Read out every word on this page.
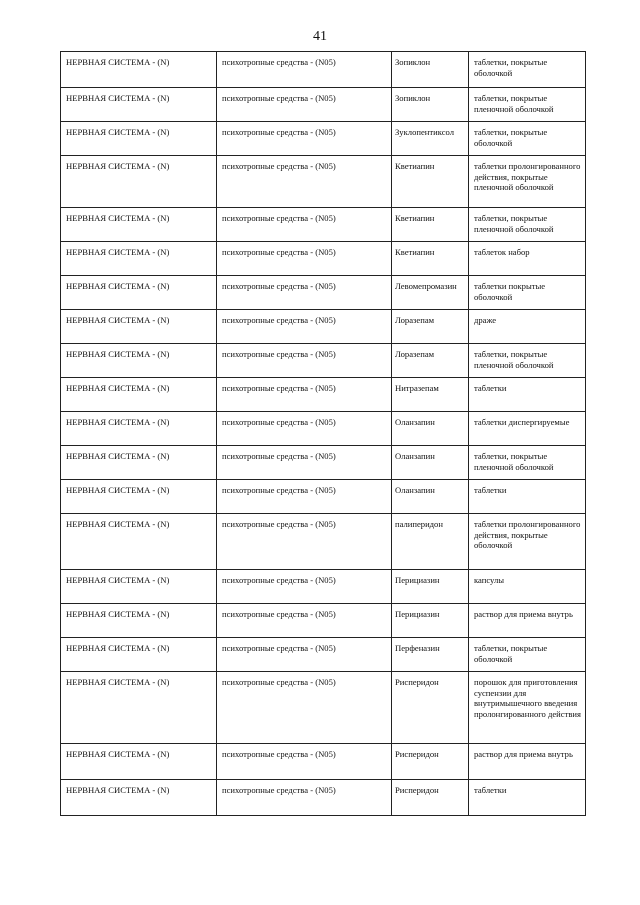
41
НЕРВНАЯ СИСТЕМА - (N)	психотропные средства - (N05)	Зопиклон	таблетки, покрытые оболочкой
НЕРВНАЯ СИСТЕМА - (N)	психотропные средства - (N05)	Зопиклон	таблетки, покрытые пленочной оболочкой
НЕРВНАЯ СИСТЕМА - (N)	психотропные средства - (N05)	Зуклопентиксол	таблетки, покрытые оболочкой
НЕРВНАЯ СИСТЕМА - (N)	психотропные средства - (N05)	Кветиапин	таблетки пролонгированного действия, покрытые пленочной оболочкой
НЕРВНАЯ СИСТЕМА - (N)	психотропные средства - (N05)	Кветиапин	таблетки, покрытые пленочной оболочкой
НЕРВНАЯ СИСТЕМА - (N)	психотропные средства - (N05)	Кветиапин	таблеток набор
НЕРВНАЯ СИСТЕМА - (N)	психотропные средства - (N05)	Левомепромазин	таблетки покрытые оболочкой
НЕРВНАЯ СИСТЕМА - (N)	психотропные средства - (N05)	Лоразепам	драже
НЕРВНАЯ СИСТЕМА - (N)	психотропные средства - (N05)	Лоразепам	таблетки, покрытые пленочной оболочкой
НЕРВНАЯ СИСТЕМА - (N)	психотропные средства - (N05)	Нитразепам	таблетки
НЕРВНАЯ СИСТЕМА - (N)	психотропные средства - (N05)	Оланзапин	таблетки диспергируемые
НЕРВНАЯ СИСТЕМА - (N)	психотропные средства - (N05)	Оланзапин	таблетки, покрытые пленочной оболочкой
НЕРВНАЯ СИСТЕМА - (N)	психотропные средства - (N05)	Оланзапин	таблетки
НЕРВНАЯ СИСТЕМА - (N)	психотропные средства - (N05)	палиперидон	таблетки пролонгированного действия, покрытые оболочкой
НЕРВНАЯ СИСТЕМА - (N)	психотропные средства - (N05)	Перициазин	капсулы
НЕРВНАЯ СИСТЕМА - (N)	психотропные средства - (N05)	Перициазин	раствор для приема внутрь
НЕРВНАЯ СИСТЕМА - (N)	психотропные средства - (N05)	Перфеназин	таблетки, покрытые оболочкой
НЕРВНАЯ СИСТЕМА - (N)	психотропные средства - (N05)	Рисперидон	порошок для приготовления суспензии для внутримышечного введения пролонгированного действия
НЕРВНАЯ СИСТЕМА - (N)	психотропные средства - (N05)	Рисперидон	раствор для приема внутрь
НЕРВНАЯ СИСТЕМА - (N)	психотропные средства - (N05)	Рисперидон	таблетки
